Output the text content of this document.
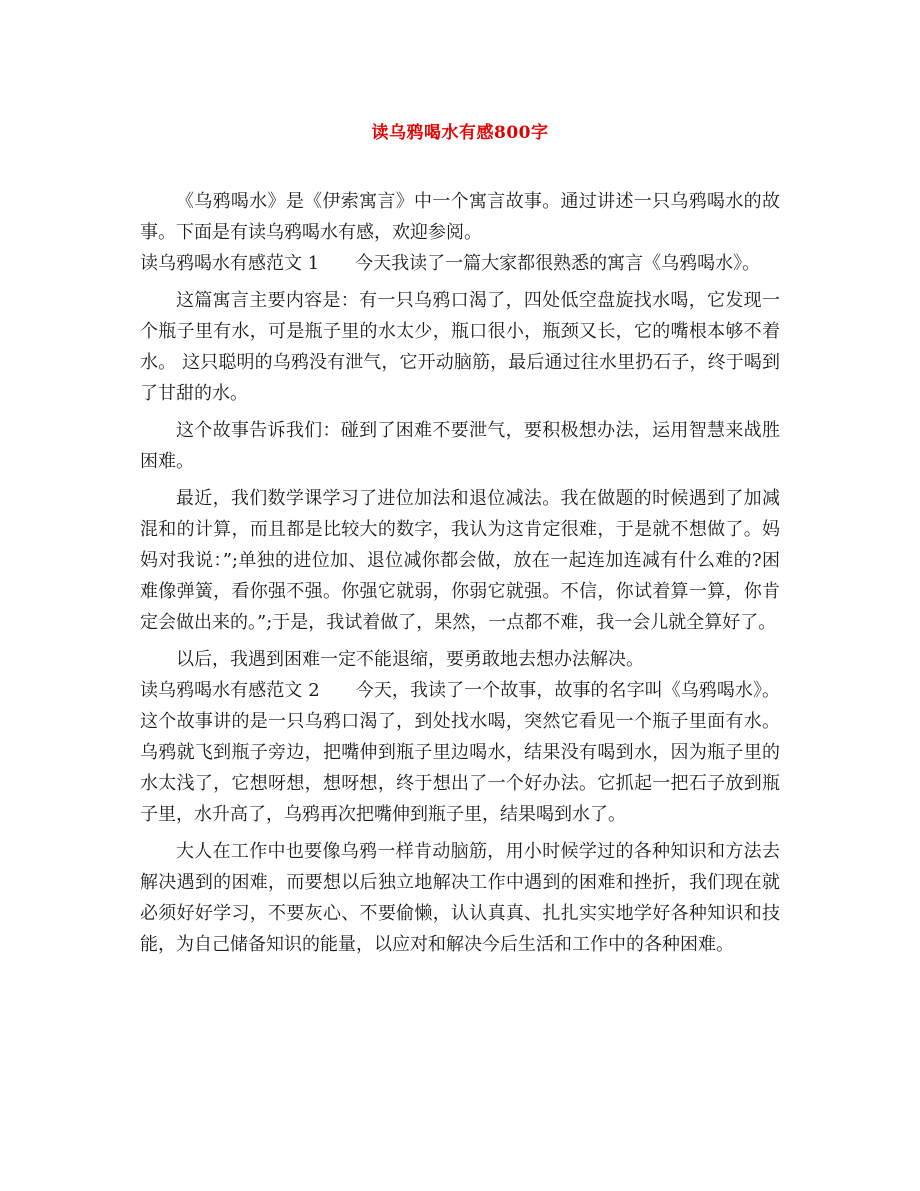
读乌鸦喝水有感800字

《乌鸦喝水》是《伊索寓言》中一个寓言故事。通过讲述一只乌鸦喝水的故事。下面是有读乌鸦喝水有感，欢迎参阅。

读乌鸦喝水有感范文 1　　今天我读了一篇大家都很熟悉的寓言《乌鸦喝水》。

这篇寓言主要内容是：有一只乌鸦口渴了，四处低空盘旋找水喝，它发现一个瓶子里有水，可是瓶子里的水太少，瓶口很小，瓶颈又长，它的嘴根本够不着水。 这只聪明的乌鸦没有泄气，它开动脑筋，最后通过往水里扔石子，终于喝到了甘甜的水。

这个故事告诉我们：碰到了困难不要泄气，要积极想办法，运用智慧来战胜困难。

最近，我们数学课学习了进位加法和退位减法。我在做题的时候遇到了加减混和的计算，而且都是比较大的数字，我认为这肯定很难，于是就不想做了。妈妈对我说：”;单独的进位加、退位减你都会做，放在一起连加连减有什么难的?困难像弹簧，看你强不强。你强它就弱，你弱它就强。不信，你试着算一算，你肯定会做出来的。”;于是，我试着做了，果然，一点都不难，我一会儿就全算好了。

以后，我遇到困难一定不能退缩，要勇敢地去想办法解决。

读乌鸦喝水有感范文 2　　今天，我读了一个故事，故事的名字叫《乌鸦喝水》。这个故事讲的是一只乌鸦口渴了，到处找水喝，突然它看见一个瓶子里面有水。乌鸦就飞到瓶子旁边，把嘴伸到瓶子里边喝水，结果没有喝到水，因为瓶子里的水太浅了，它想呀想，想呀想，终于想出了一个好办法。它抓起一把石子放到瓶子里，水升高了，乌鸦再次把嘴伸到瓶子里，结果喝到水了。

大人在工作中也要像乌鸦一样肯动脑筋，用小时候学过的各种知识和方法去解决遇到的困难，而要想以后独立地解决工作中遇到的困难和挫折，我们现在就必须好好学习，不要灰心、不要偷懒，认认真真、扎扎实实地学好各种知识和技能，为自己储备知识的能量，以应对和解决今后生活和工作中的各种困难。
